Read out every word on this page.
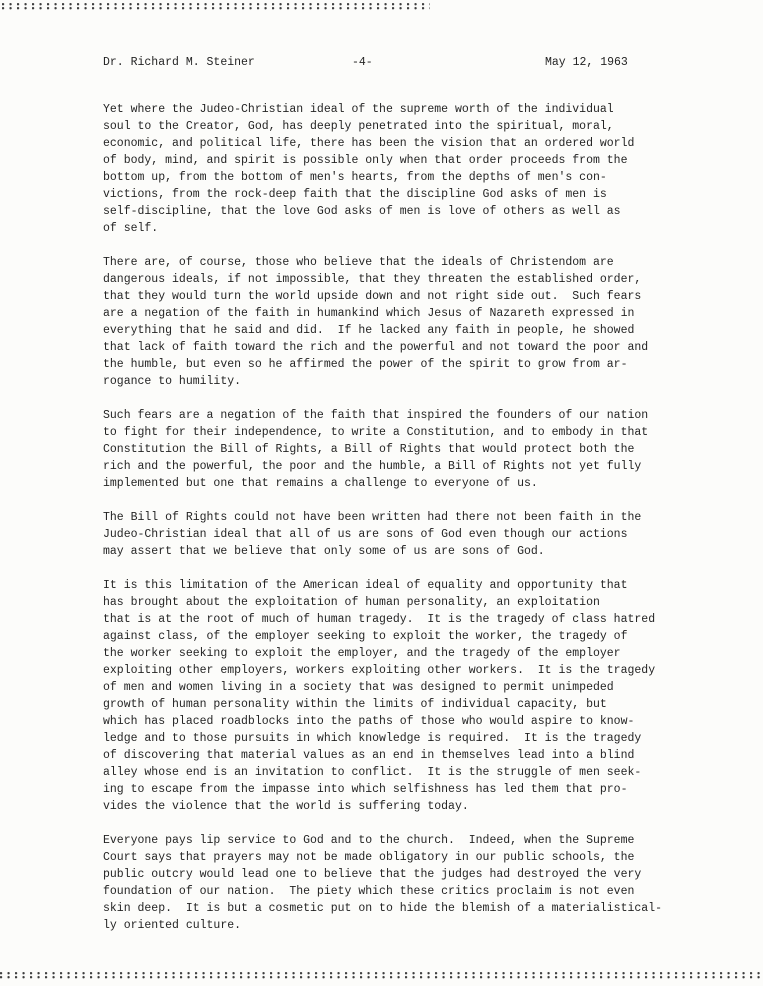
Dr. Richard M. Steiner	-4-	May 12, 1963
Yet where the Judeo-Christian ideal of the supreme worth of the individual
soul to the Creator, God, has deeply penetrated into the spiritual, moral,
economic, and political life, there has been the vision that an ordered world
of body, mind, and spirit is possible only when that order proceeds from the
bottom up, from the bottom of men's hearts, from the depths of men's con-
victions, from the rock-deep faith that the discipline God asks of men is
self-discipline, that the love God asks of men is love of others as well as
of self.
There are, of course, those who believe that the ideals of Christendom are
dangerous ideals, if not impossible, that they threaten the established order,
that they would turn the world upside down and not right side out.  Such fears
are a negation of the faith in humankind which Jesus of Nazareth expressed in
everything that he said and did.  If he lacked any faith in people, he showed
that lack of faith toward the rich and the powerful and not toward the poor and
the humble, but even so he affirmed the power of the spirit to grow from ar-
rogance to humility.
Such fears are a negation of the faith that inspired the founders of our nation
to fight for their independence, to write a Constitution, and to embody in that
Constitution the Bill of Rights, a Bill of Rights that would protect both the
rich and the powerful, the poor and the humble, a Bill of Rights not yet fully
implemented but one that remains a challenge to everyone of us.
The Bill of Rights could not have been written had there not been faith in the
Judeo-Christian ideal that all of us are sons of God even though our actions
may assert that we believe that only some of us are sons of God.
It is this limitation of the American ideal of equality and opportunity that
has brought about the exploitation of human personality, an exploitation
that is at the root of much of human tragedy.  It is the tragedy of class hatred
against class, of the employer seeking to exploit the worker, the tragedy of
the worker seeking to exploit the employer, and the tragedy of the employer
exploiting other employers, workers exploiting other workers.  It is the tragedy
of men and women living in a society that was designed to permit unimpeded
growth of human personality within the limits of individual capacity, but
which has placed roadblocks into the paths of those who would aspire to know-
ledge and to those pursuits in which knowledge is required.  It is the tragedy
of discovering that material values as an end in themselves lead into a blind
alley whose end is an invitation to conflict.  It is the struggle of men seek-
ing to escape from the impasse into which selfishness has led them that pro-
vides the violence that the world is suffering today.
Everyone pays lip service to God and to the church.  Indeed, when the Supreme
Court says that prayers may not be made obligatory in our public schools, the
public outcry would lead one to believe that the judges had destroyed the very
foundation of our nation.  The piety which these critics proclaim is not even
skin deep.  It is but a cosmetic put on to hide the blemish of a materialistical-
ly oriented culture.
